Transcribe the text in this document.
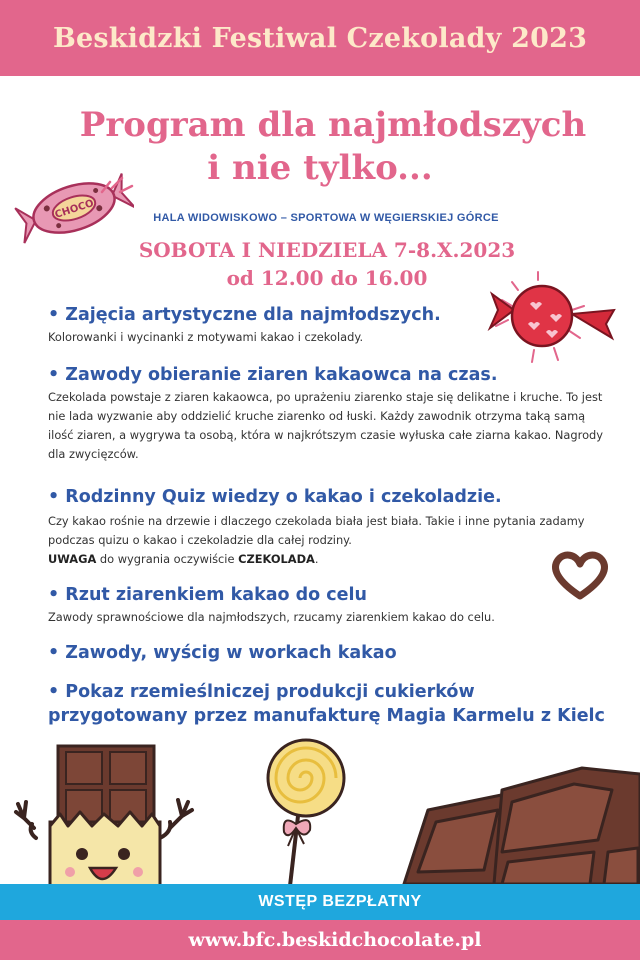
Beskidzki Festiwal Czekolady 2023
CHOCO
Program dla najmłodszych
i nie tylko...
HALA WIDOWISKOWO – SPORTOWA W WĘGIERSKIEJ GÓRCE
SOBOTA I NIEDZIELA 7-8.X.2023
od 12.00 do 16.00
• Zajęcia artystyczne dla najmłodszych.

Kolorowanki i wycinanki z motywami kakao i czekolady.

• Zawody obieranie ziaren kakaowca na czas.

Czekolada powstaje z ziaren kakaowca, po uprażeniu ziarenko staje się delikatne i kruche. To jest nie lada wyzwanie aby oddzielić kruche ziarenko od łuski. Każdy zawodnik otrzyma taką samą ilość ziaren, a wygrywa ta osobą, która w najkrótszym czasie wyłuska całe ziarna kakao. Nagrody dla zwycięzców.

• Rodzinny Quiz wiedzy o kakao i czekoladzie.

Czy kakao rośnie na drzewie i dlaczego czekolada biała jest biała. Takie i inne pytania zadamy podczas quizu o kakao i czekoladzie dla całej rodziny.
UWAGA do wygrania oczywiście CZEKOLADA.

• Rzut ziarenkiem kakao do celu

Zawody sprawnościowe dla najmłodszych, rzucamy ziarenkiem kakao do celu.

• Zawody, wyścig w workach kakao
• Pokaz rzemieślniczej produkcji cukierków przygotowany przez manufakturę Magia Karmelu z Kielc
WSTĘP BEZPŁATNY
www.bfc.beskidchocolate.pl
